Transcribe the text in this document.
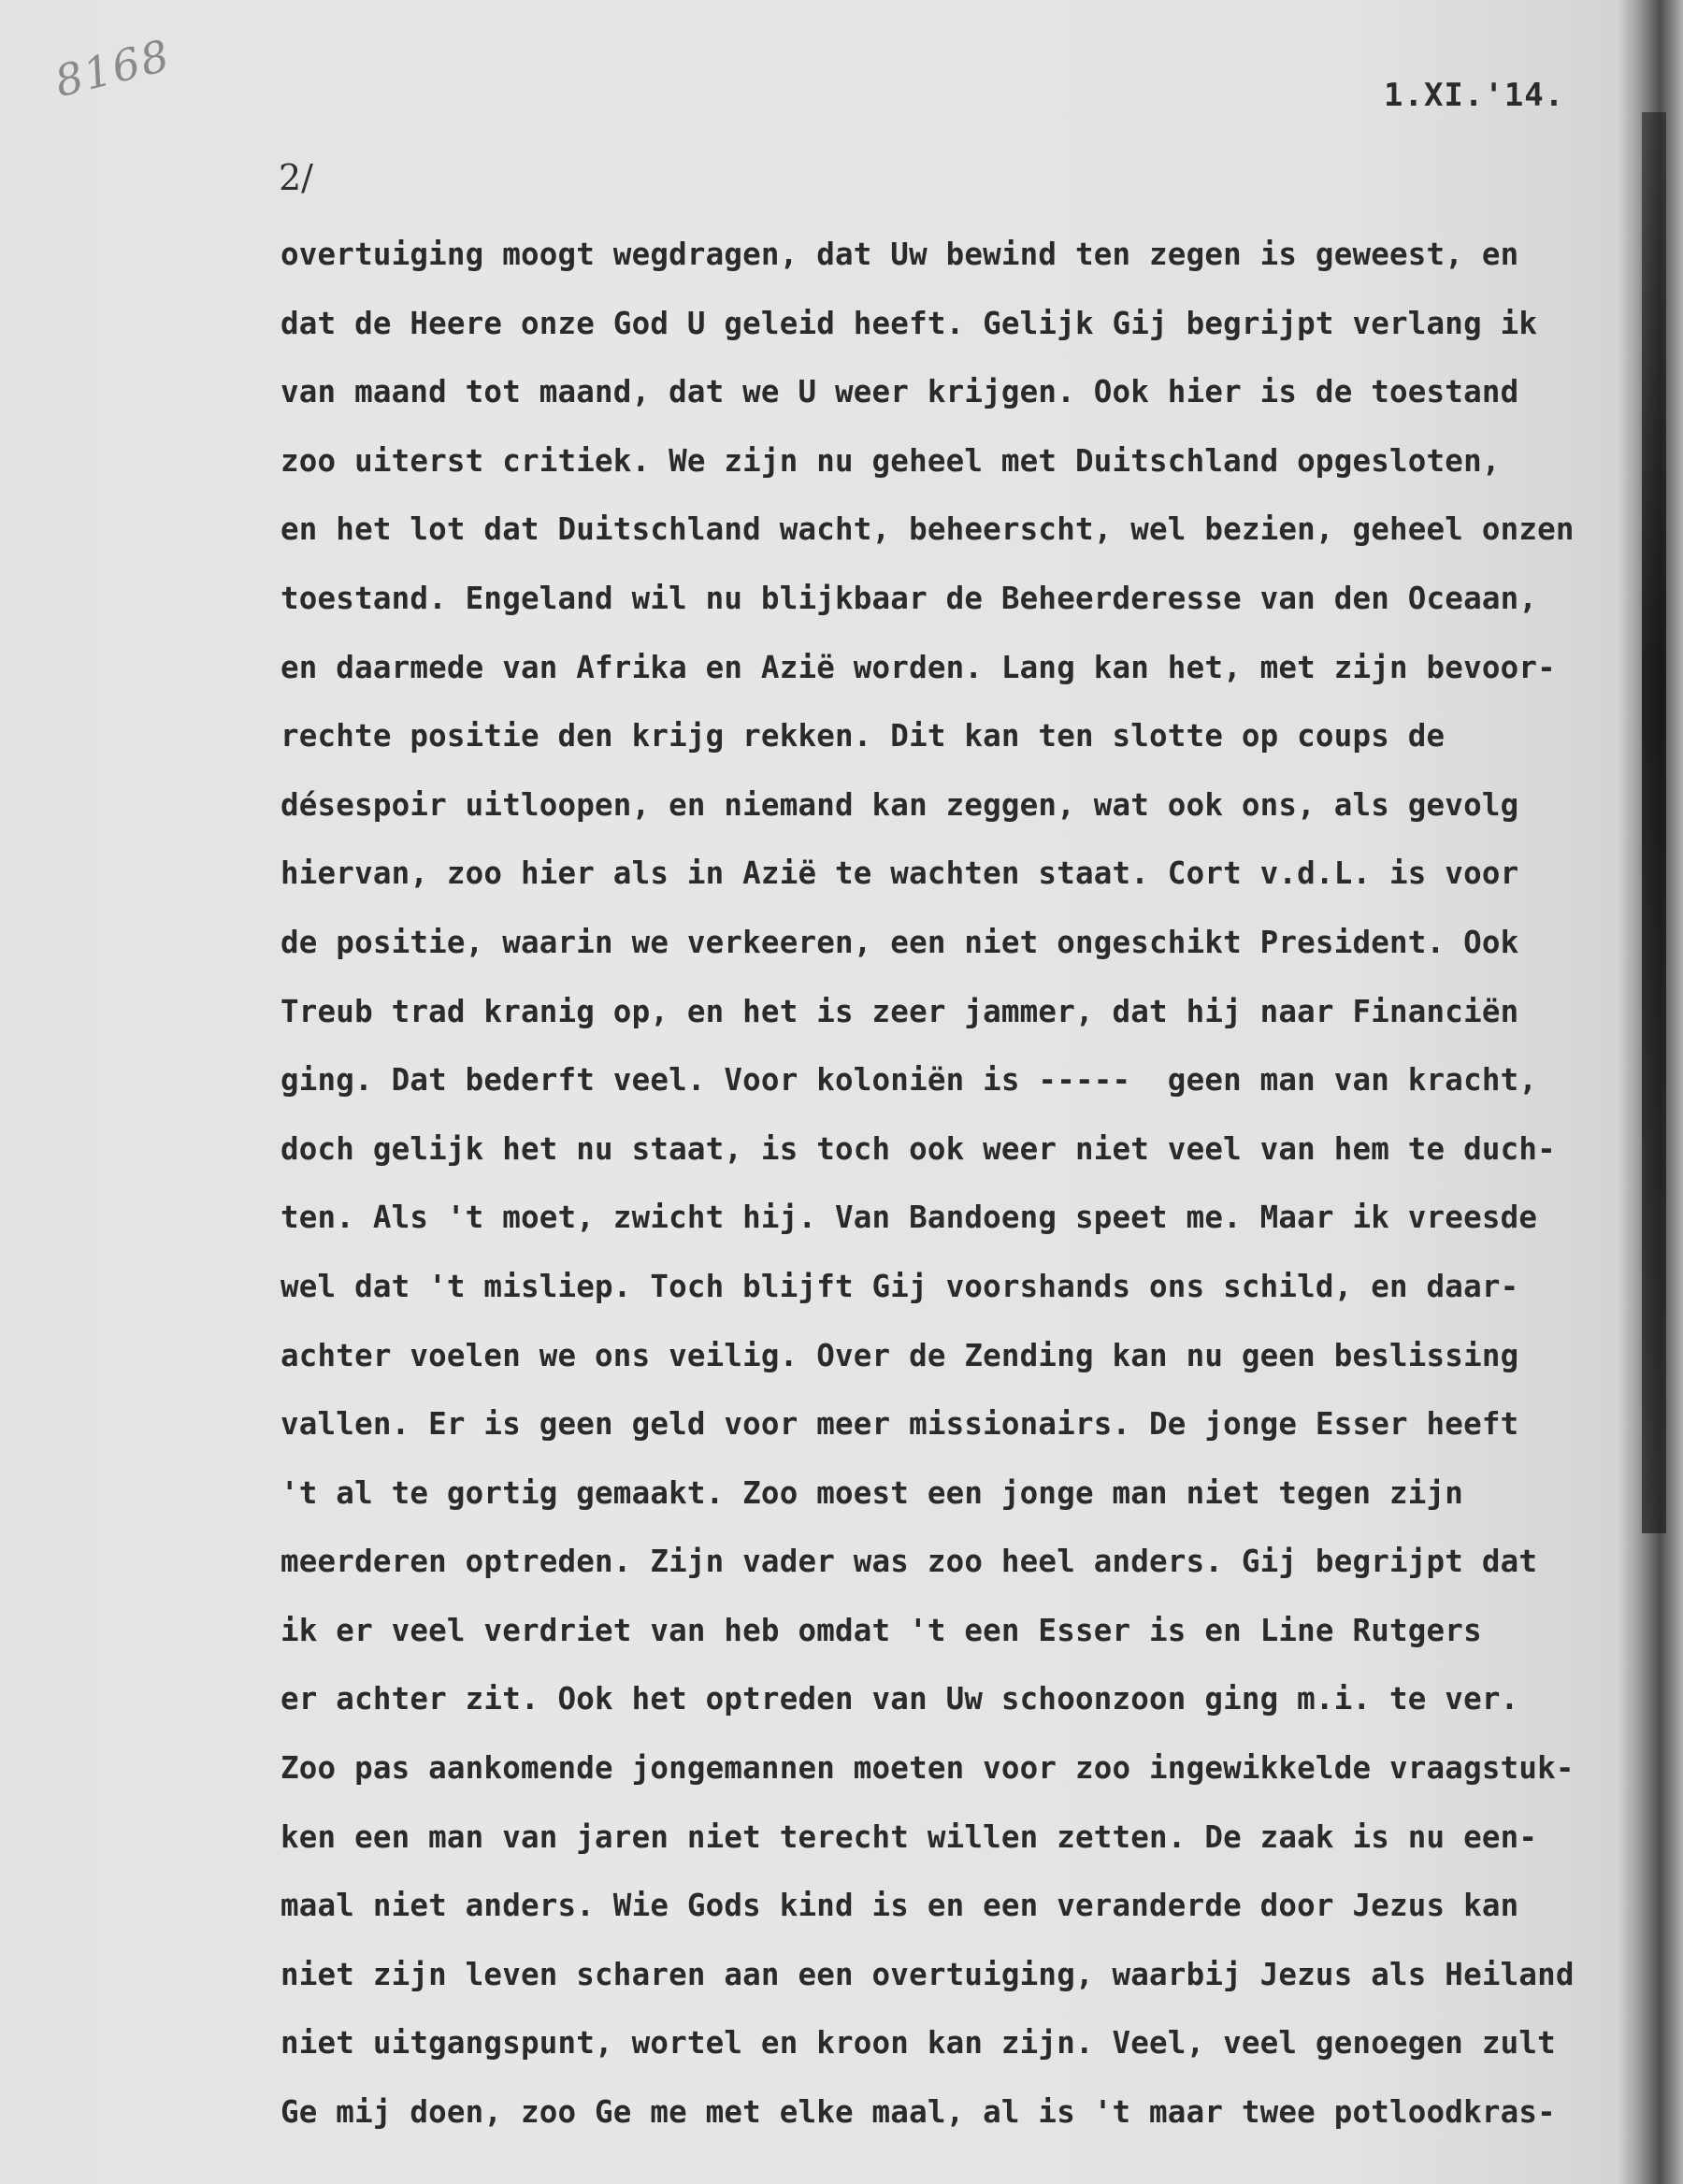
8168	1.XI.'14.
2/
overtuiging moogt wegdragen, dat Uw bewind ten zegen is geweest, en
dat de Heere onze God U geleid heeft. Gelijk Gij begrijpt verlang ik
van maand tot maand, dat we U weer krijgen. Ook hier is de toestand
zoo uiterst critiek. We zijn nu geheel met Duitschland opgesloten,
en het lot dat Duitschland wacht, beheerscht, wel bezien, geheel onzen
toestand. Engeland wil nu blijkbaar de Beheerderesse van den Oceaan,
en daarmede van Afrika en Azië worden. Lang kan het, met zijn bevoor-
rechte positie den krijg rekken. Dit kan ten slotte op coups de
désespoir uitloopen, en niemand kan zeggen, wat ook ons, als gevolg
hiervan, zoo hier als in Azië te wachten staat. Cort v.d.L. is voor
de positie, waarin we verkeeren, een niet ongeschikt President. Ook
Treub trad kranig op, en het is zeer jammer, dat hij naar Financiën
ging. Dat bederft veel. Voor koloniën is -----  geen man van kracht,
doch gelijk het nu staat, is toch ook weer niet veel van hem te duch-
ten. Als 't moet, zwicht hij. Van Bandoeng speet me. Maar ik vreesde
wel dat 't misliep. Toch blijft Gij voorshands ons schild, en daar-
achter voelen we ons veilig. Over de Zending kan nu geen beslissing
vallen. Er is geen geld voor meer missionairs. De jonge Esser heeft
't al te gortig gemaakt. Zoo moest een jonge man niet tegen zijn
meerderen optreden. Zijn vader was zoo heel anders. Gij begrijpt dat
ik er veel verdriet van heb omdat 't een Esser is en Line Rutgers
er achter zit. Ook het optreden van Uw schoonzoon ging m.i. te ver.
Zoo pas aankomende jongemannen moeten voor zoo ingewikkelde vraagstuk-
ken een man van jaren niet terecht willen zetten. De zaak is nu een-
maal niet anders. Wie Gods kind is en een veranderde door Jezus kan
niet zijn leven scharen aan een overtuiging, waarbij Jezus als Heiland
niet uitgangspunt, wortel en kroon kan zijn. Veel, veel genoegen zult
Ge mij doen, zoo Ge me met elke maal, al is 't maar twee potloodkras-
